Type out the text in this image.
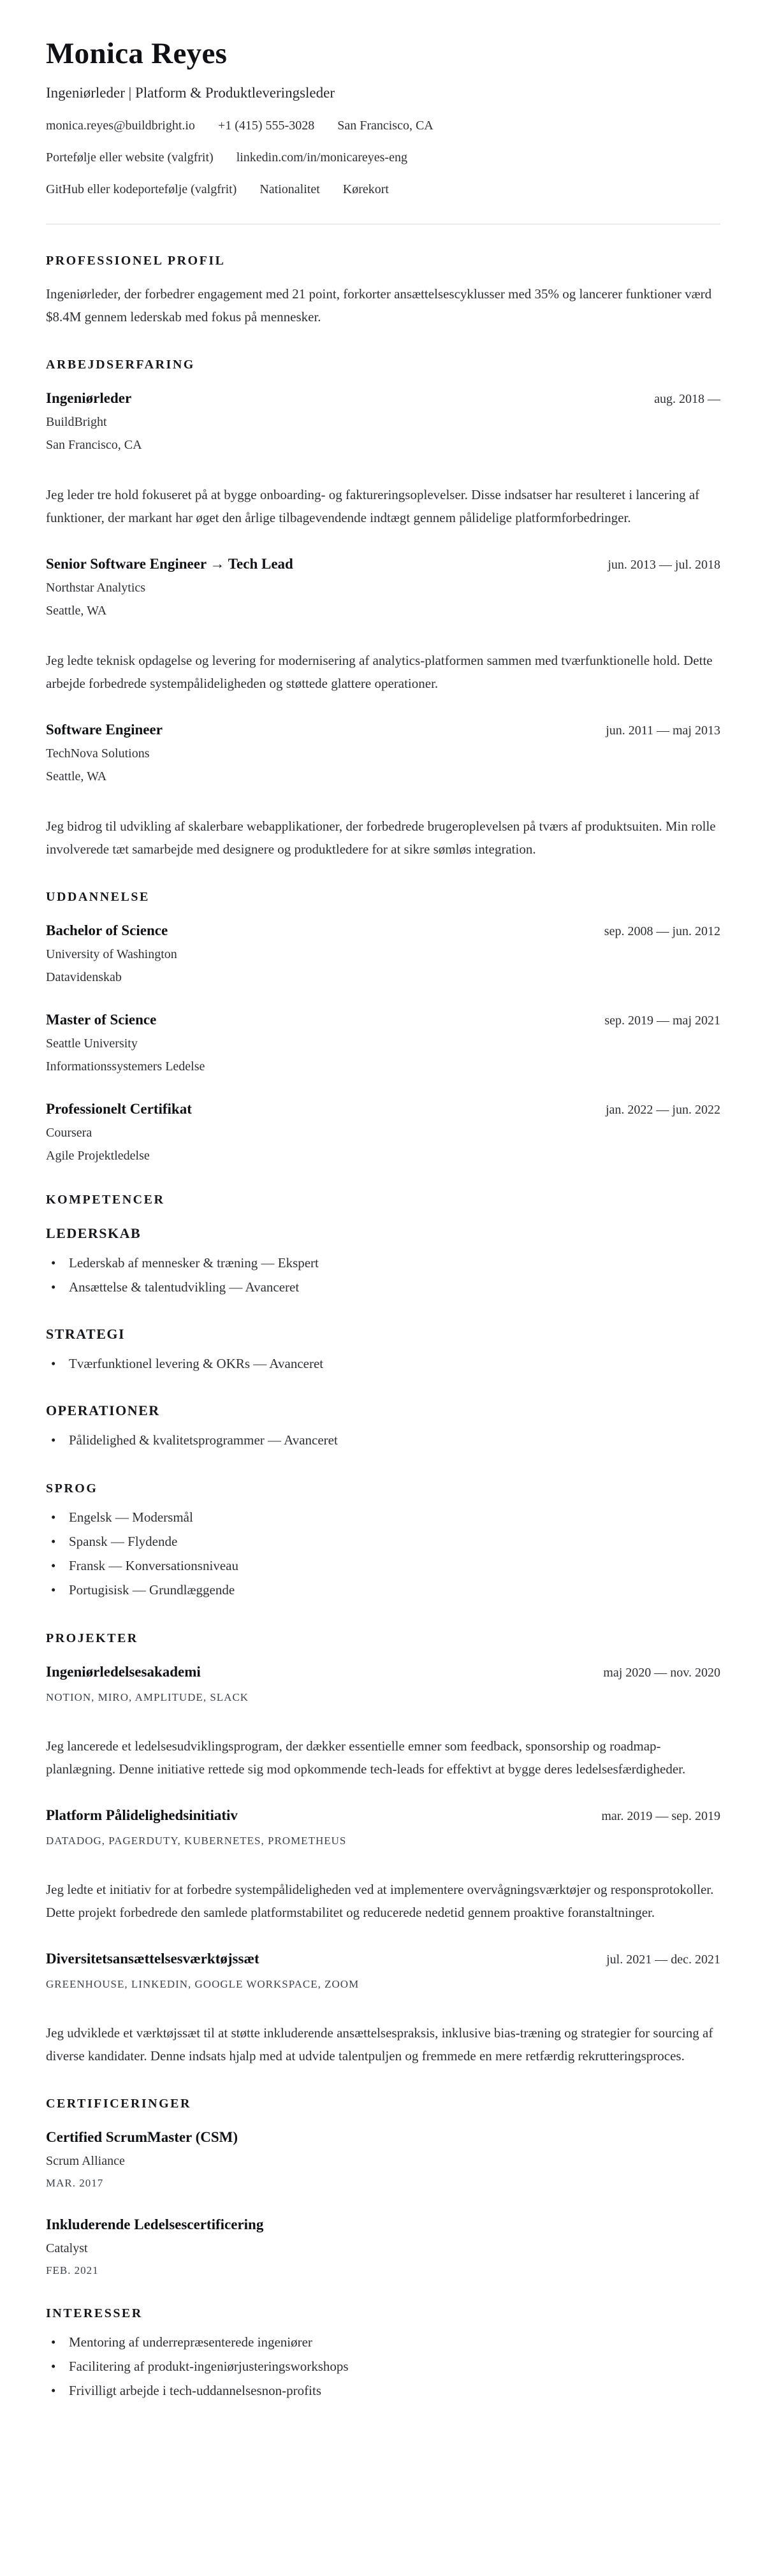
Monica Reyes
Ingeniørleder | Platform & Produktleveringsleder
monica.reyes@buildbright.io +1 (415) 555-3028 San Francisco, CA
Portefølje eller website (valgfrit) linkedin.com/in/monicareyes-eng
GitHub eller kodeportefølje (valgfrit) Nationalitet Kørekort
PROFESSIONEL PROFIL

Ingeniørleder, der forbedrer engagement med 21 point, forkorter ansættelsescyklusser med 35% og lancerer funktioner værd $8.4M gennem lederskab med fokus på mennesker.

ARBEJDSERFARING
Ingeniørleder	aug. 2018 —
BuildBright
San Francisco, CA

Jeg leder tre hold fokuseret på at bygge onboarding- og faktureringsoplevelser. Disse indsatser har resulteret i lancering af funktioner, der markant har øget den årlige tilbagevendende indtægt gennem pålidelige platformforbedringer.

Senior Software Engineer → Tech Lead	jun. 2013 — jul. 2018
Northstar Analytics
Seattle, WA

Jeg ledte teknisk opdagelse og levering for modernisering af analytics-platformen sammen med tværfunktionelle hold. Dette arbejde forbedrede systempålideligheden og støttede glattere operationer.

Software Engineer	jun. 2011 — maj 2013
TechNova Solutions
Seattle, WA

Jeg bidrog til udvikling af skalerbare webapplikationer, der forbedrede brugeroplevelsen på tværs af produktsuiten. Min rolle involverede tæt samarbejde med designere og produktledere for at sikre sømløs integration.

UDDANNELSE
Bachelor of Science	sep. 2008 — jun. 2012
University of Washington
Datavidenskab
Master of Science	sep. 2019 — maj 2021
Seattle University
Informationssystemers Ledelse
Professionelt Certifikat	jan. 2022 — jun. 2022
Coursera
Agile Projektledelse
KOMPETENCER
LEDERSKAB
• Lederskab af mennesker & træning — Ekspert
• Ansættelse & talentudvikling — Avanceret
STRATEGI
• Tværfunktionel levering & OKRs — Avanceret
OPERATIONER
• Pålidelighed & kvalitetsprogrammer — Avanceret
SPROG
• Engelsk — Modersmål
• Spansk — Flydende
• Fransk — Konversationsniveau
• Portugisisk — Grundlæggende
PROJEKTER
Ingeniørledelsesakademi	maj 2020 — nov. 2020
NOTION, MIRO, AMPLITUDE, SLACK

Jeg lancerede et ledelsesudviklingsprogram, der dækker essentielle emner som feedback, sponsorship og roadmap-planlægning. Denne initiative rettede sig mod opkommende tech-leads for effektivt at bygge deres ledelsesfærdigheder.

Platform Pålidelighedsinitiativ	mar. 2019 — sep. 2019
DATADOG, PAGERDUTY, KUBERNETES, PROMETHEUS

Jeg ledte et initiativ for at forbedre systempålideligheden ved at implementere overvågningsværktøjer og responsprotokoller. Dette projekt forbedrede den samlede platformstabilitet og reducerede nedetid gennem proaktive foranstaltninger.

Diversitetsansættelsesværktøjssæt	jul. 2021 — dec. 2021
GREENHOUSE, LINKEDIN, GOOGLE WORKSPACE, ZOOM

Jeg udviklede et værktøjssæt til at støtte inkluderende ansættelsespraksis, inklusive bias-træning og strategier for sourcing af diverse kandidater. Denne indsats hjalp med at udvide talentpuljen og fremmede en mere retfærdig rekrutteringsproces.

CERTIFICERINGER
Certified ScrumMaster (CSM)
Scrum Alliance
MAR. 2017
Inkluderende Ledelsescertificering
Catalyst
FEB. 2021
INTERESSER
• Mentoring af underrepræsenterede ingeniører
• Facilitering af produkt-ingeniørjusteringsworkshops
• Frivilligt arbejde i tech-uddannelsesnon-profits
